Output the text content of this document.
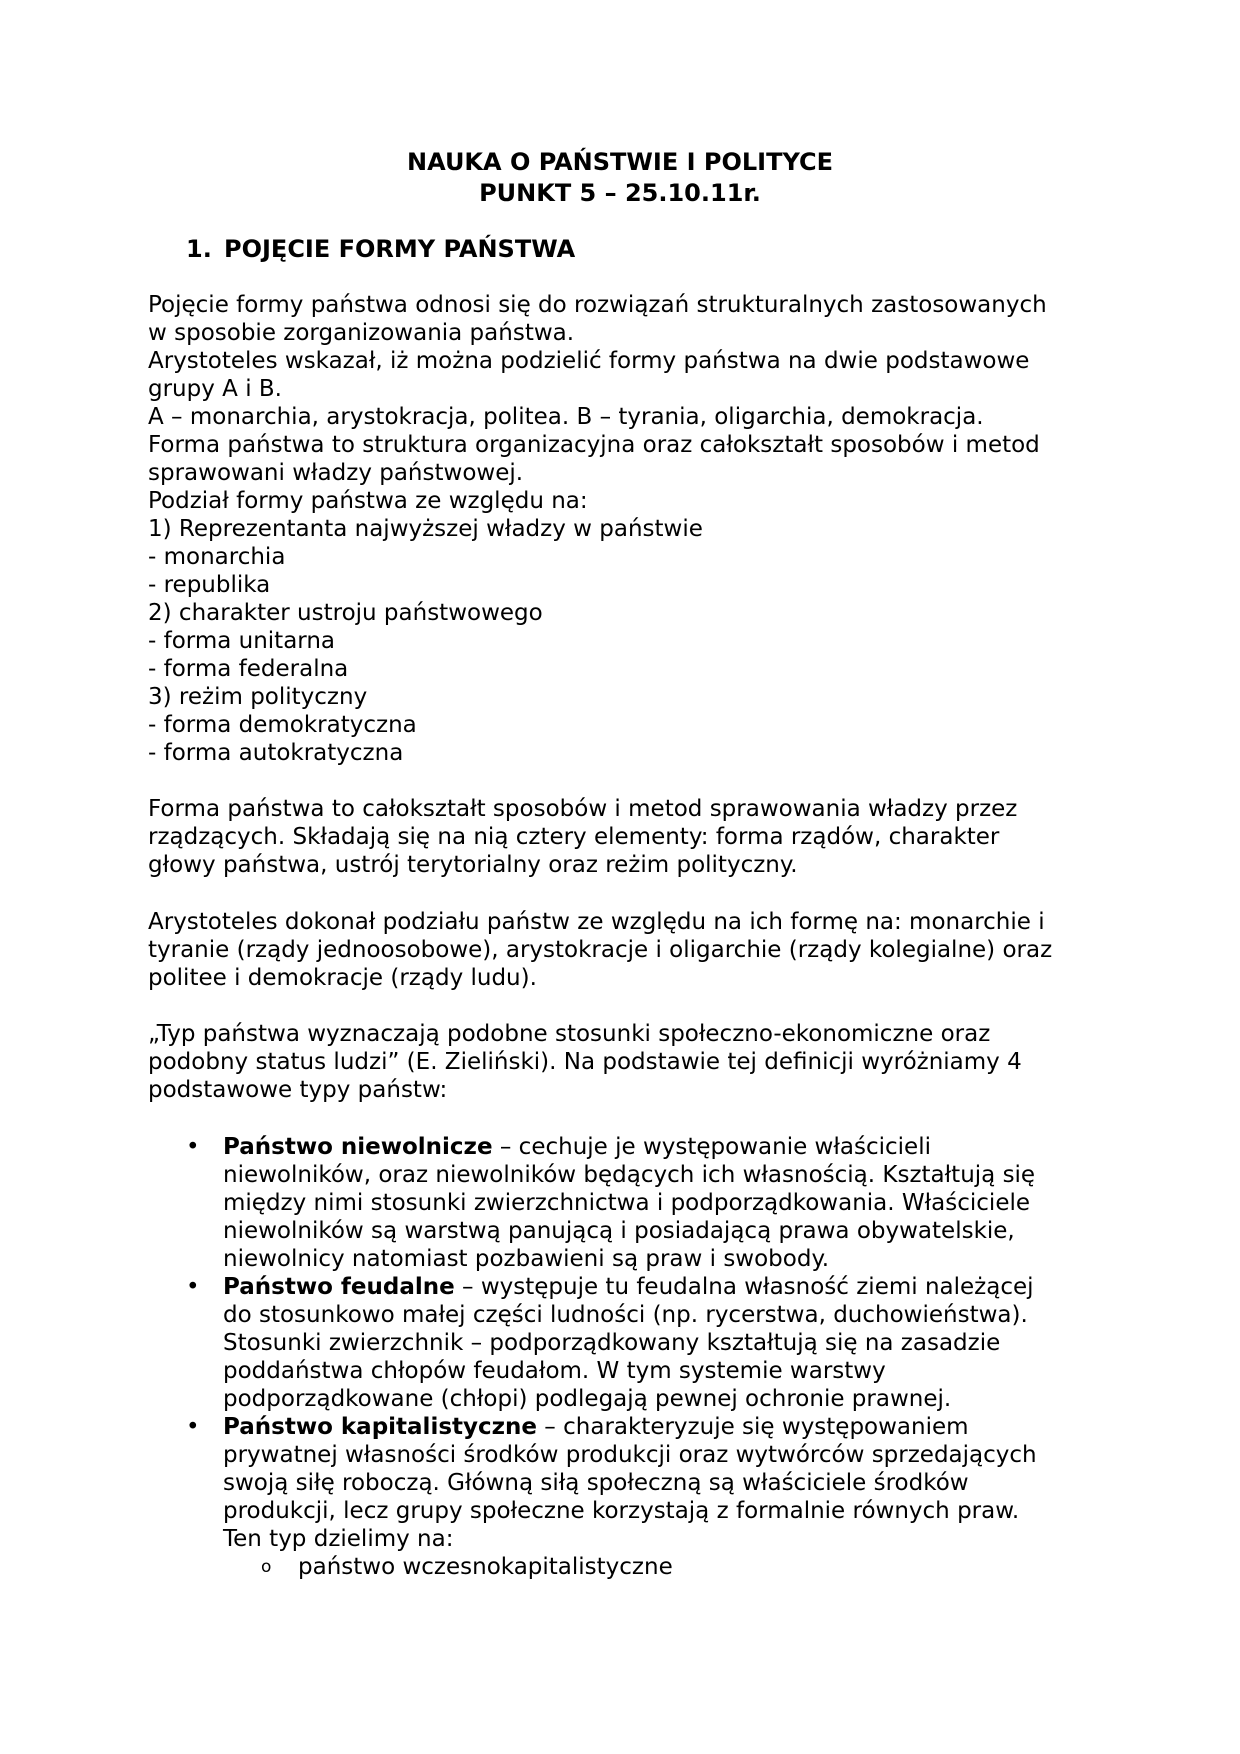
NAUKA O PAŃSTWIE I POLITYCE
PUNKT 5 – 25.10.11r.
1. POJĘCIE FORMY PAŃSTWA

Pojęcie formy państwa odnosi się do rozwiązań strukturalnych zastosowanych

w sposobie zorganizowania państwa.

Arystoteles wskazał, iż można podzielić formy państwa na dwie podstawowe

grupy A i B.

A – monarchia, arystokracja, politea. B – tyrania, oligarchia, demokracja.

Forma państwa to struktura organizacyjna oraz całokształt sposobów i metod

sprawowani władzy państwowej.

Podział formy państwa ze względu na:

1) Reprezentanta najwyższej władzy w państwie

- monarchia

- republika

2) charakter ustroju państwowego

- forma unitarna

- forma federalna

3) reżim polityczny

- forma demokratyczna

- forma autokratyczna

Forma państwa to całokształt sposobów i metod sprawowania władzy przez

rządzących. Składają się na nią cztery elementy: forma rządów, charakter

głowy państwa, ustrój terytorialny oraz reżim polityczny.

Arystoteles dokonał podziału państw ze względu na ich formę na: monarchie i

tyranie (rządy jednoosobowe), arystokracje i oligarchie (rządy kolegialne) oraz

politee i demokracje (rządy ludu).

„Typ państwa wyznaczają podobne stosunki społeczno-ekonomiczne oraz

podobny status ludzi” (E. Zieliński). Na podstawie tej definicji wyróżniamy 4

podstawowe typy państw:

• Państwo niewolnicze – cechuje je występowanie właścicieli
niewolników, oraz niewolników będących ich własnością. Kształtują się
między nimi stosunki zwierzchnictwa i podporządkowania. Właściciele
niewolników są warstwą panującą i posiadającą prawa obywatelskie,
niewolnicy natomiast pozbawieni są praw i swobody.
• Państwo feudalne – występuje tu feudalna własność ziemi należącej
do stosunkowo małej części ludności (np. rycerstwa, duchowieństwa).
Stosunki zwierzchnik – podporządkowany kształtują się na zasadzie
poddaństwa chłopów feudałom. W tym systemie warstwy
podporządkowane (chłopi) podlegają pewnej ochronie prawnej.
• Państwo kapitalistyczne – charakteryzuje się występowaniem
prywatnej własności środków produkcji oraz wytwórców sprzedających
swoją siłę roboczą. Główną siłą społeczną są właściciele środków
produkcji, lecz grupy społeczne korzystają z formalnie równych praw.
Ten typ dzielimy na:
o państwo wczesnokapitalistyczne
